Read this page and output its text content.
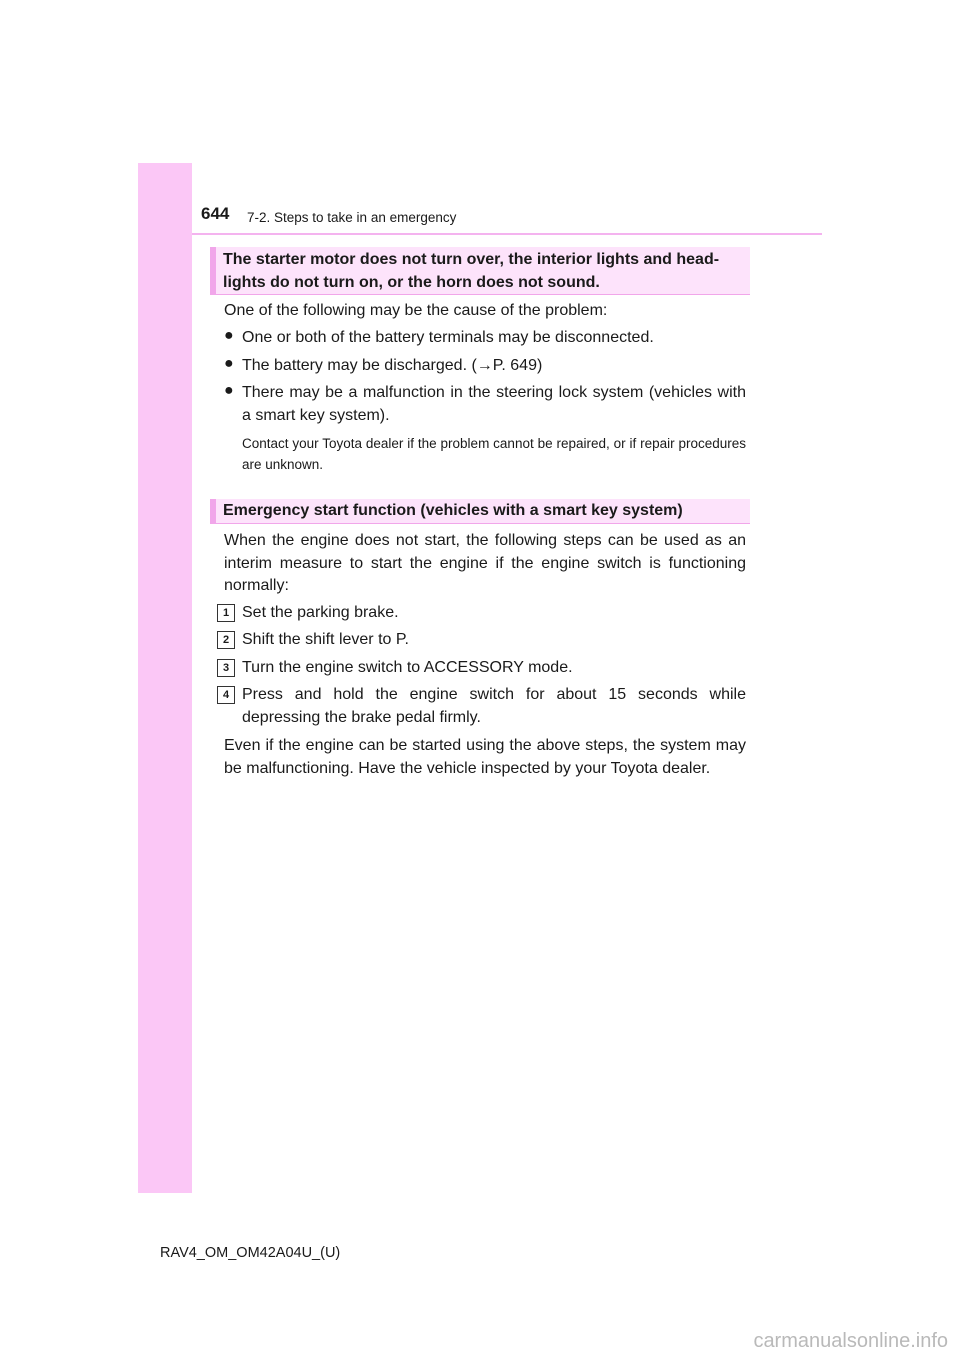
644 7-2. Steps to take in an emergency
The starter motor does not turn over, the interior lights and head-lights do not turn on, or the horn does not sound.
One of the following may be the cause of the problem:
● One or both of the battery terminals may be disconnected.
● The battery may be discharged. (→P. 649)
● There may be a malfunction in the steering lock system (vehicles with a smart key system).
Contact your Toyota dealer if the problem cannot be repaired, or if repair procedures are unknown.
Emergency start function (vehicles with a smart key system)
When the engine does not start, the following steps can be used as an interim measure to start the engine if the engine switch is functioning normally:
1 Set the parking brake.
2 Shift the shift lever to P.
3 Turn the engine switch to ACCESSORY mode.
4 Press and hold the engine switch for about 15 seconds while depressing the brake pedal firmly.
Even if the engine can be started using the above steps, the system may be malfunctioning. Have the vehicle inspected by your Toyota dealer.
RAV4_OM_OM42A04U_(U)
carmanualsonline.info
